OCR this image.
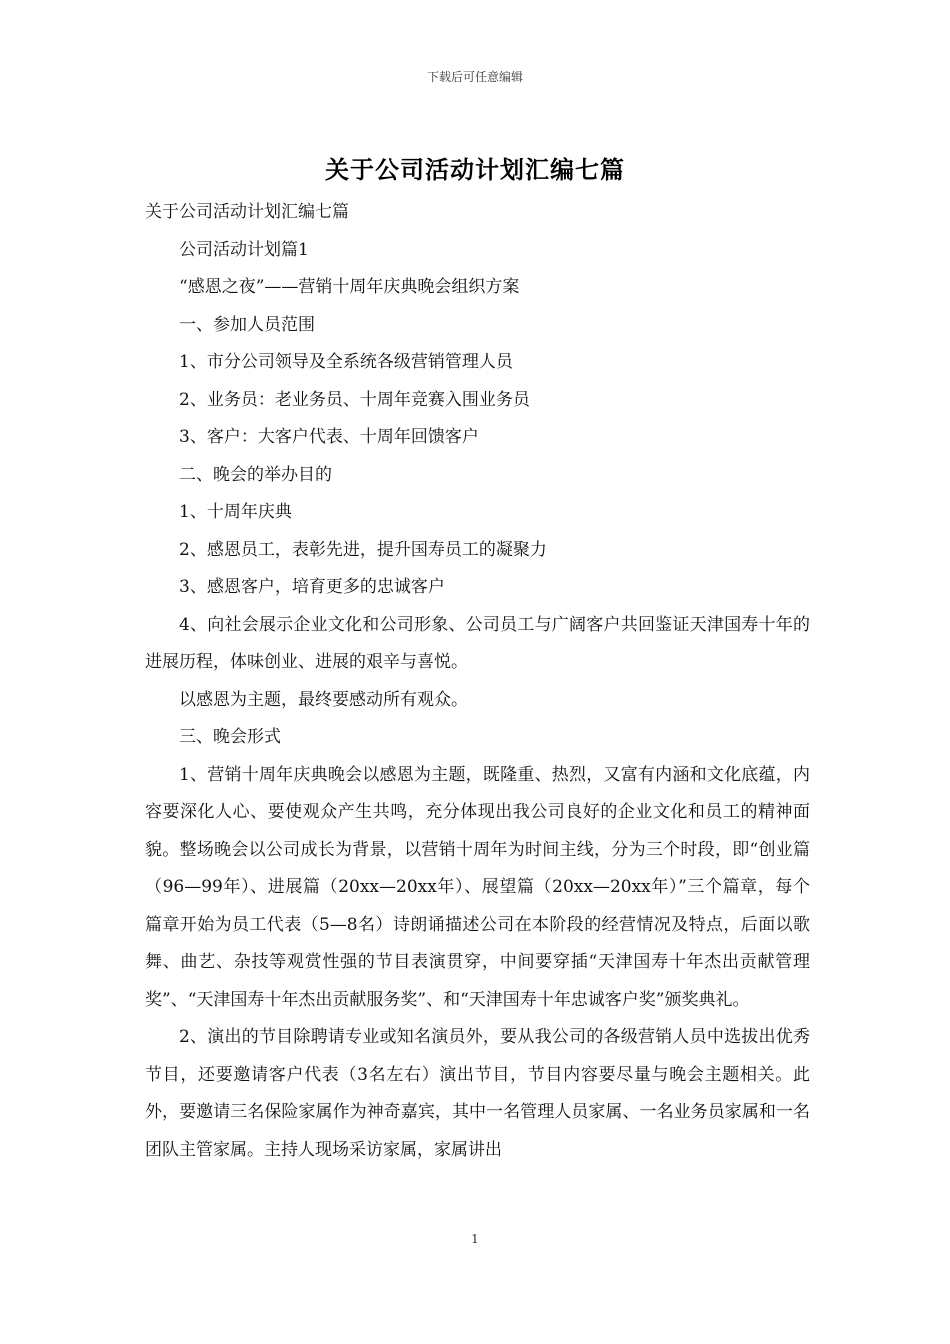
下载后可任意编辑
关于公司活动计划汇编七篇

关于公司活动计划汇编七篇

公司活动计划篇1

“感恩之夜”——营销十周年庆典晚会组织方案

一、参加人员范围

1、市分公司领导及全系统各级营销管理人员

2、业务员：老业务员、十周年竞赛入围业务员

3、客户：大客户代表、十周年回馈客户

二、晚会的举办目的

1、十周年庆典

2、感恩员工，表彰先进，提升国寿员工的凝聚力

3、感恩客户，培育更多的忠诚客户

4、向社会展示企业文化和公司形象、公司员工与广阔客户共回鉴证天津国寿十年的进展历程，体味创业、进展的艰辛与喜悦。

以感恩为主题，最终要感动所有观众。

三、晚会形式

1、营销十周年庆典晚会以感恩为主题，既隆重、热烈，又富有内涵和文化底蕴，内容要深化人心、要使观众产生共鸣，充分体现出我公司良好的企业文化和员工的精神面貌。整场晚会以公司成长为背景，以营销十周年为时间主线，分为三个时段，即“创业篇（96—99年）、进展篇（20xx—20xx年）、展望篇（20xx—20xx年）”三个篇章，每个篇章开始为员工代表（5—8名）诗朗诵描述公司在本阶段的经营情况及特点，后面以歌舞、曲艺、杂技等观赏性强的节目表演贯穿，中间要穿插“天津国寿十年杰出贡献管理奖”、“天津国寿十年杰出贡献服务奖”、和“天津国寿十年忠诚客户奖”颁奖典礼。

2、演出的节目除聘请专业或知名演员外，要从我公司的各级营销人员中选拔出优秀节目，还要邀请客户代表（3名左右）演出节目，节目内容要尽量与晚会主题相关。此外，要邀请三名保险家属作为神奇嘉宾，其中一名管理人员家属、一名业务员家属和一名团队主管家属。主持人现场采访家属，家属讲出

1
